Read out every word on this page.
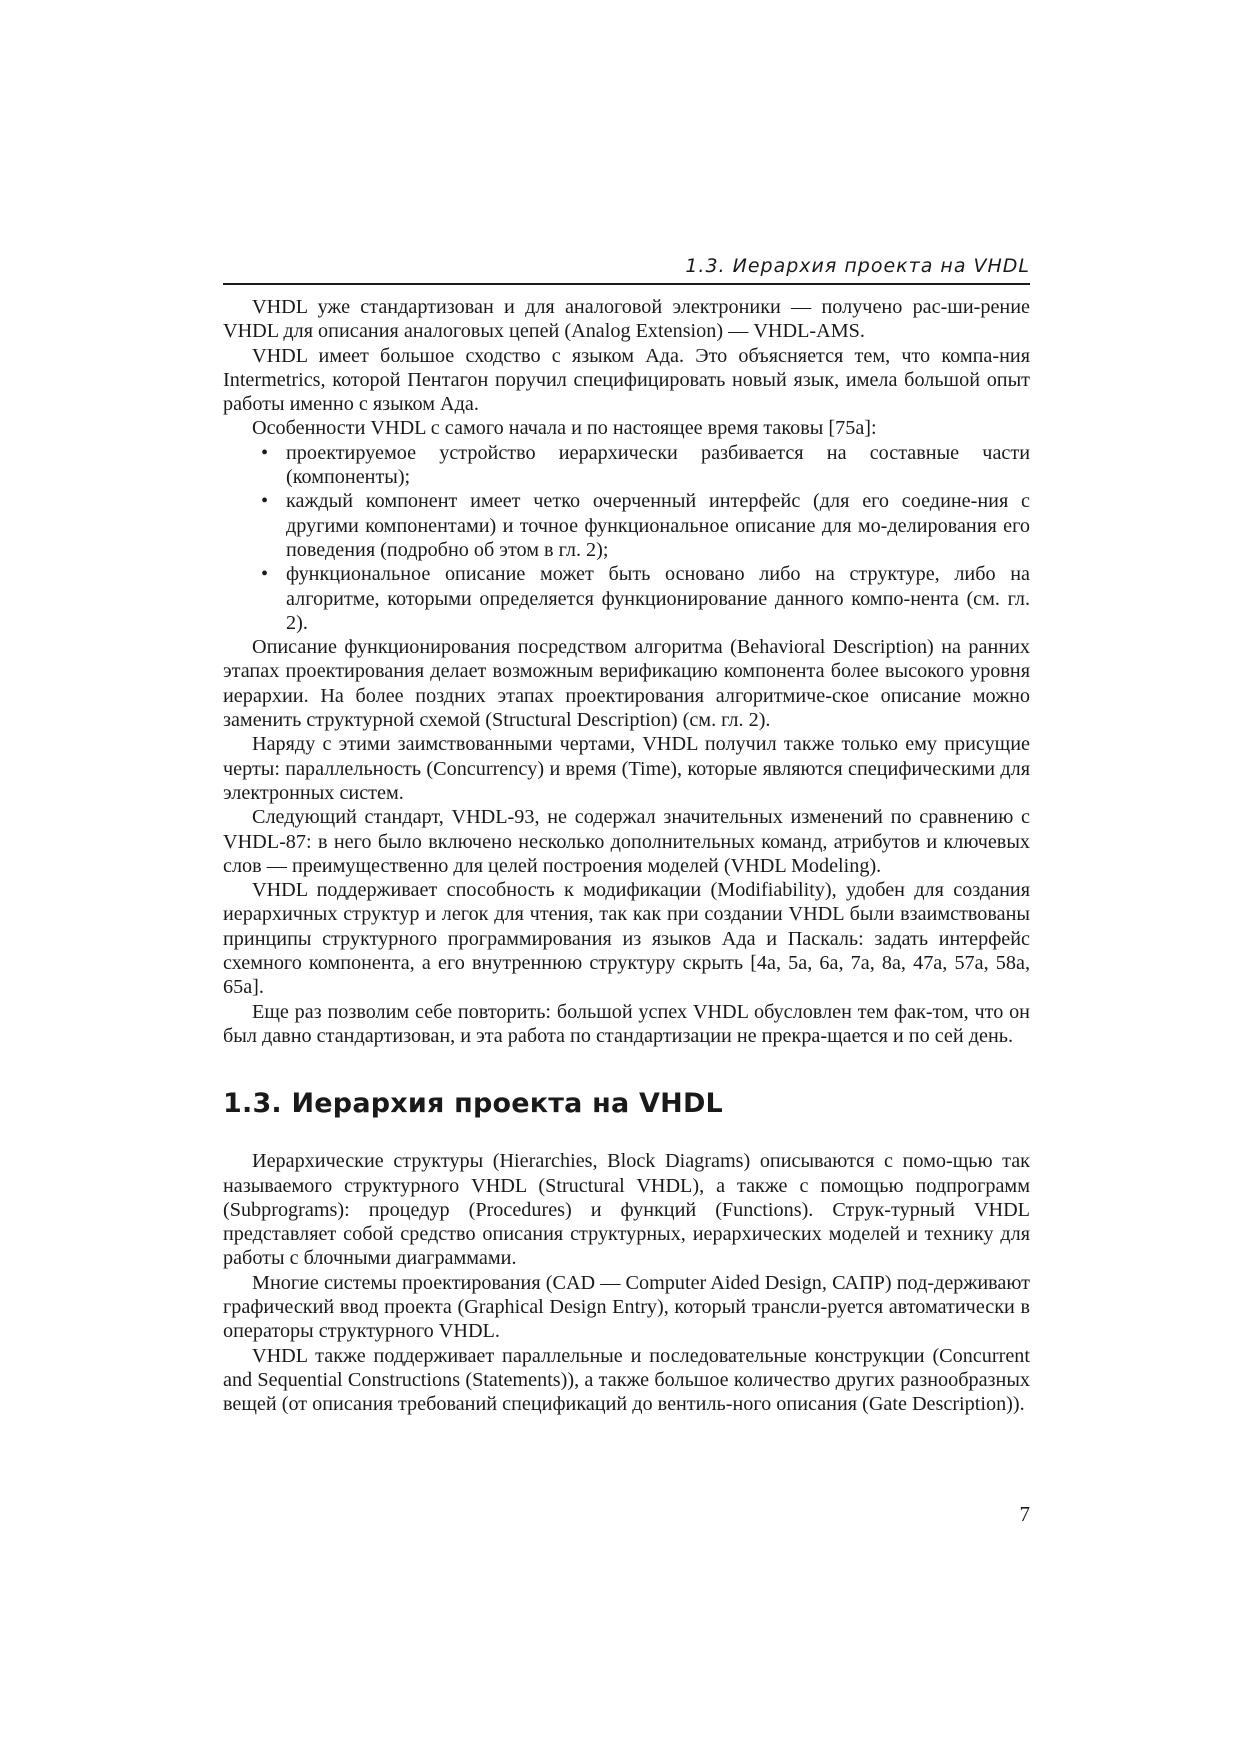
1.3. Иерархия проекта на VHDL

VHDL уже стандартизован и для аналоговой электроники — получено рас-ши-рение VHDL для описания аналоговых цепей (Analog Extension) — VHDL-AMS.

VHDL имеет большое сходство с языком Ада. Это объясняется тем, что компа-ния Intermetrics, которой Пентагон поручил специфицировать новый язык, имела большой опыт работы именно с языком Ада.

Особенности VHDL с самого начала и по настоящее время таковы [75а]:

• проектируемое устройство иерархически разбивается на составные части (компоненты);
• каждый компонент имеет четко очерченный интерфейс (для его соедине-ния с другими компонентами) и точное функциональное описание для мо-делирования его поведения (подробно об этом в гл. 2);
• функциональное описание может быть основано либо на структуре, либо на алгоритме, которыми определяется функционирование данного компо-нента (см. гл. 2).

Описание функционирования посредством алгоритма (Behavioral Description) на ранних этапах проектирования делает возможным верификацию компонента более высокого уровня иерархии. На более поздних этапах проектирования алгоритмиче-ское описание можно заменить структурной схемой (Structural Description) (см. гл. 2).

Наряду с этими заимствованными чертами, VHDL получил также только ему присущие черты: параллельность (Concurrency) и время (Time), которые являются специфическими для электронных систем.

Следующий стандарт, VHDL-93, не содержал значительных изменений по сравнению с VHDL-87: в него было включено несколько дополнительных команд, атрибутов и ключевых слов — преимущественно для целей построения моделей (VHDL Modeling).

VHDL поддерживает способность к модификации (Modifiability), удобен для создания иерархичных структур и легок для чтения, так как при создании VHDL были взаимствованы принципы структурного программирования из языков Ада и Паскаль: задать интерфейс схемного компонента, а его внутреннюю структуру скрыть [4а, 5а, 6а, 7а, 8а, 47а, 57а, 58а, 65а].

Еще раз позволим себе повторить: большой успех VHDL обусловлен тем фак-том, что он был давно стандартизован, и эта работа по стандартизации не прекра-щается и по сей день.

1.3. Иерархия проекта на VHDL

Иерархические структуры (Hierarchies, Block Diagrams) описываются с помо-щью так называемого структурного VHDL (Structural VHDL), а также с помощью подпрограмм (Subprograms): процедур (Procedures) и функций (Functions). Струк-турный VHDL представляет собой средство описания структурных, иерархических моделей и технику для работы с блочными диаграммами.

Многие системы проектирования (CAD — Computer Aided Design, САПР) под-держивают графический ввод проекта (Graphical Design Entry), который трансли-руется автоматически в операторы структурного VHDL.

VHDL также поддерживает параллельные и последовательные конструкции (Concurrent and Sequential Constructions (Statements)), а также большое количество других разнообразных вещей (от описания требований спецификаций до вентиль-ного описания (Gate Description)).

7
